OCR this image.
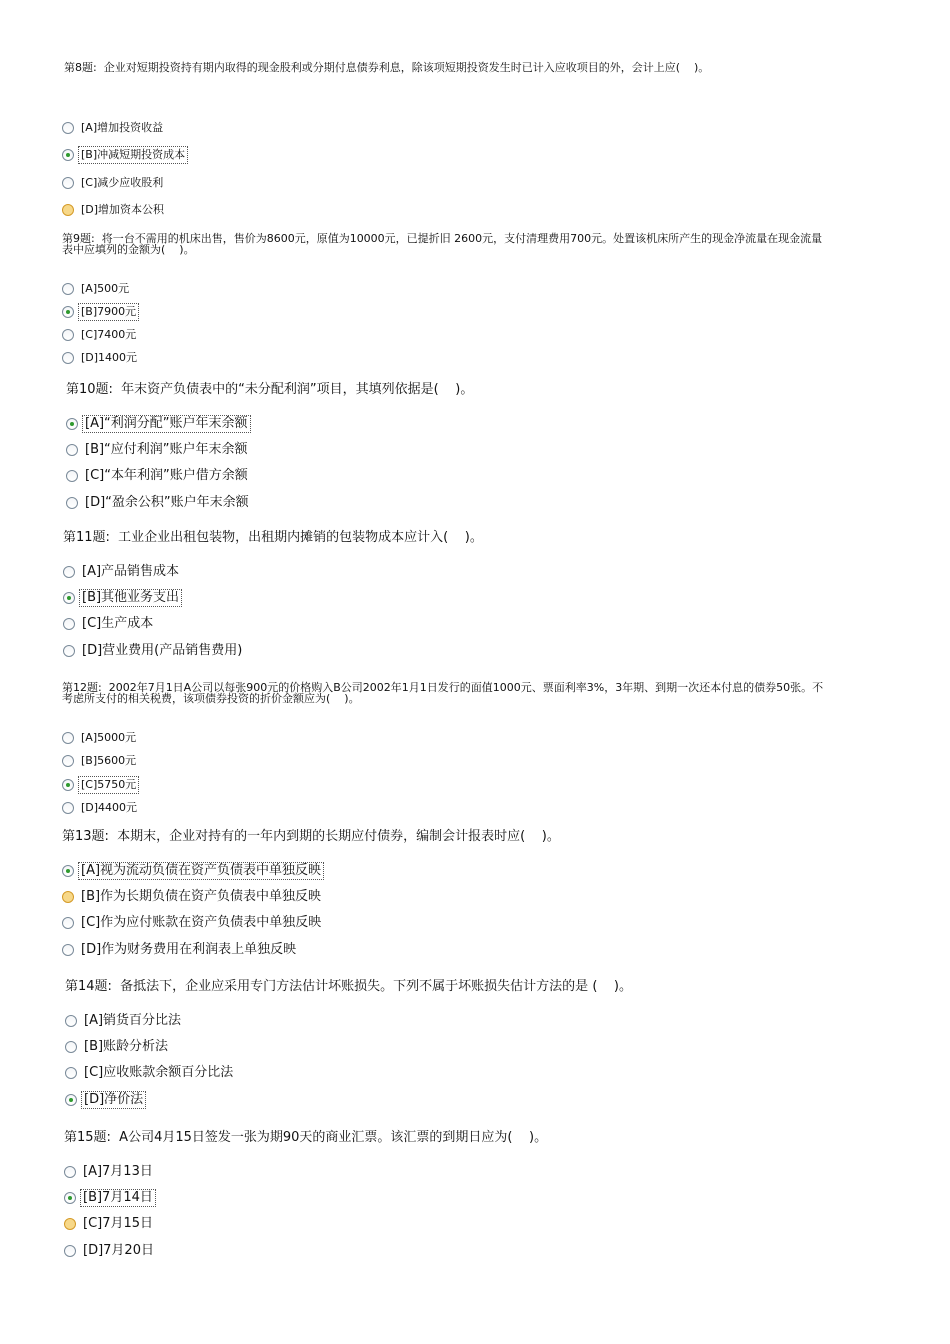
第8题:  企业对短期投资持有期内取得的现金股利或分期付息债券利息，除该项短期投资发生时已计入应收项目的外，会计上应(    )。
[A]增加投资收益
[B]冲减短期投资成本
[C]减少应收股利
[D]增加资本公积
第9题:  将一台不需用的机床出售，售价为8600元，原值为10000元，已提折旧 2600元，支付清理费用700元。处置该机床所产生的现金净流量在现金流量表中应填列的金额为(    )。
[A]500元
[B]7900元
[C]7400元
[D]1400元
第10题:  年末资产负债表中的“未分配利润”项目，其填列依据是(    )。
[A]“利润分配”账户年末余额
[B]“应付利润”账户年末余额
[C]“本年利润”账户借方余额
[D]“盈余公积”账户年末余额
第11题:  工业企业出租包装物，出租期内摊销的包装物成本应计入(    )。
[A]产品销售成本
[B]其他业务支出
[C]生产成本
[D]营业费用(产品销售费用)
第12题:  2002年7月1日A公司以每张900元的价格购入B公司2002年1月1日发行的面值1000元、票面利率3%，3年期、到期一次还本付息的债券50张。不考虑所支付的相关税费，该项债券投资的折价金额应为(    )。
[A]5000元
[B]5600元
[C]5750元
[D]4400元
第13题:  本期末，企业对持有的一年内到期的长期应付债券，编制会计报表时应(    )。
[A]视为流动负债在资产负债表中单独反映
[B]作为长期负债在资产负债表中单独反映
[C]作为应付账款在资产负债表中单独反映
[D]作为财务费用在利润表上单独反映
第14题:  备抵法下，企业应采用专门方法估计坏账损失。下列不属于坏账损失估计方法的是 (    )。
[A]销货百分比法
[B]账龄分析法
[C]应收账款余额百分比法
[D]净价法
第15题:  A公司4月15日签发一张为期90天的商业汇票。该汇票的到期日应为(    )。
[A]7月13日
[B]7月14日
[C]7月15日
[D]7月20日
